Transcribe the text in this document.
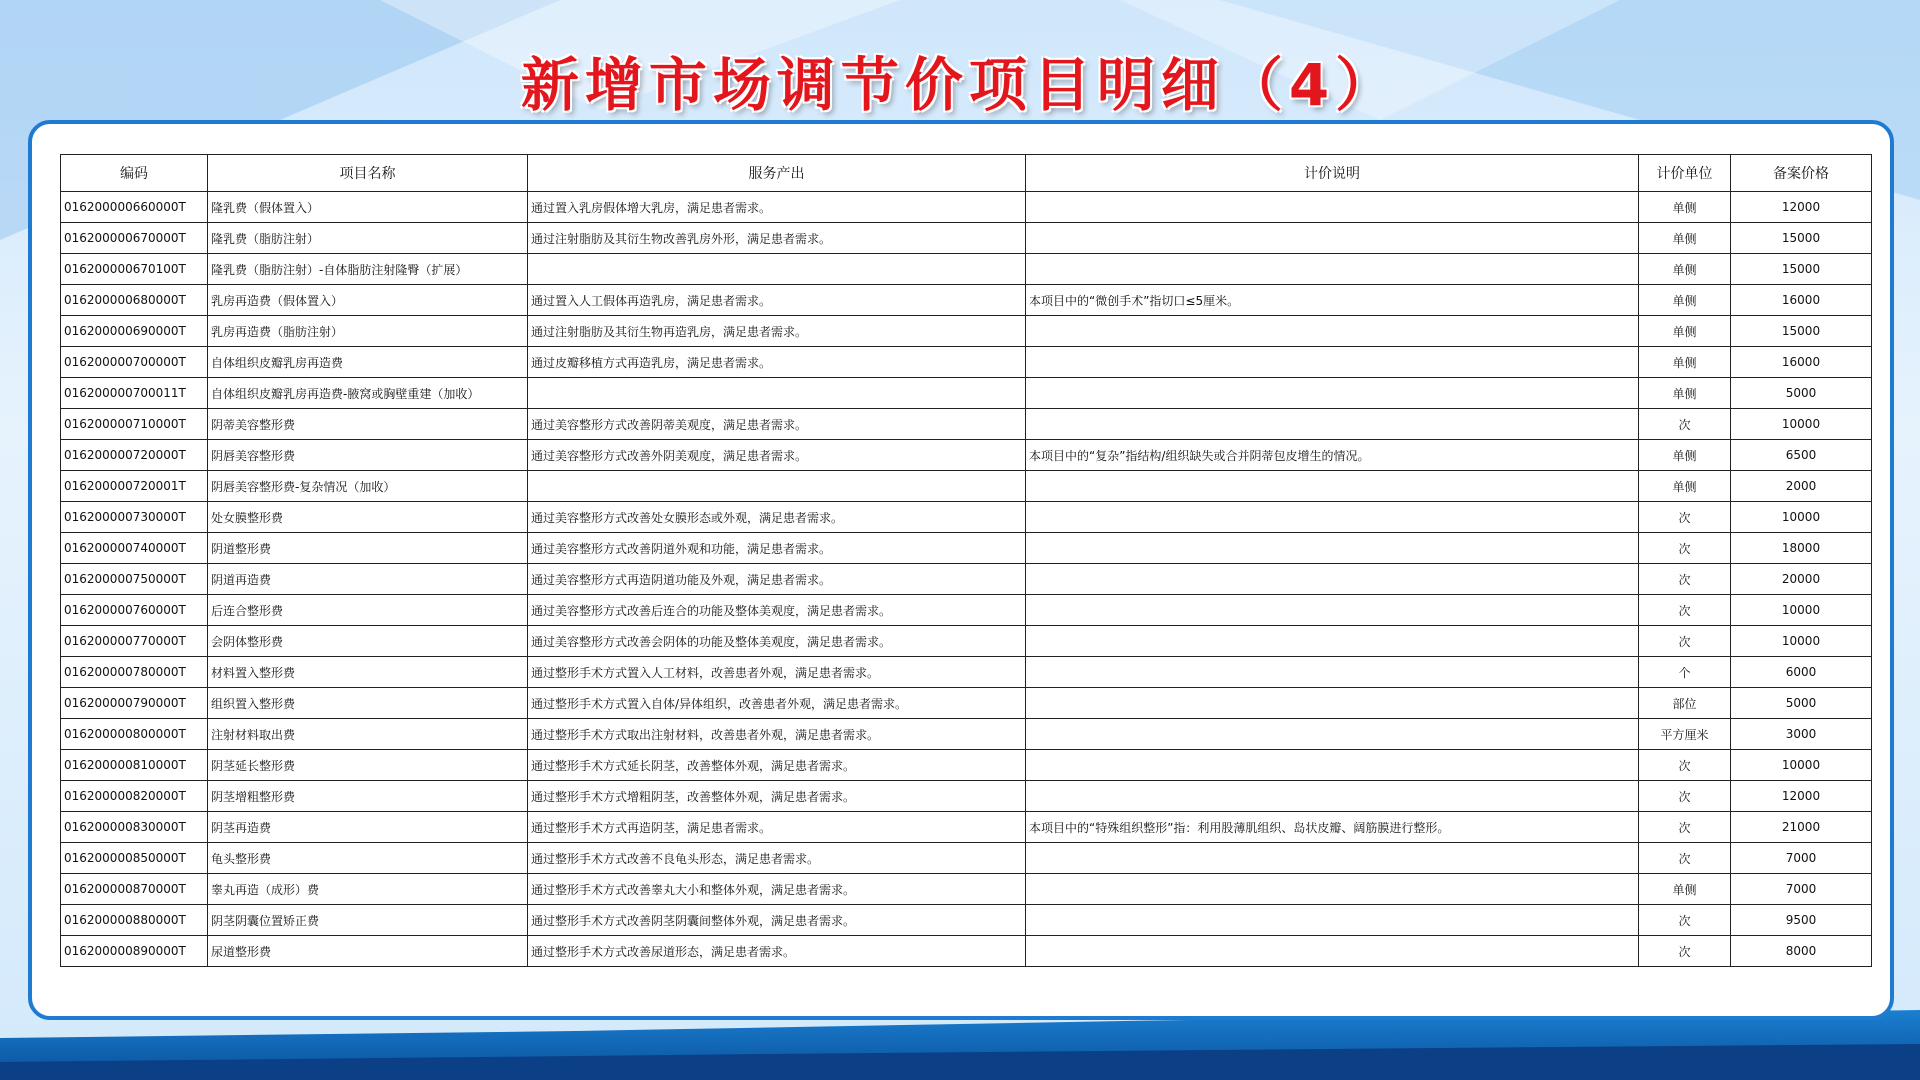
新增市场调节价项目明细（4）
编码	项目名称	服务产出	计价说明	计价单位	备案价格
016200000660000T	隆乳费（假体置入）	通过置入乳房假体增大乳房，满足患者需求。		单侧	12000
016200000670000T	隆乳费（脂肪注射）	通过注射脂肪及其衍生物改善乳房外形，满足患者需求。		单侧	15000
016200000670100T	隆乳费（脂肪注射）-自体脂肪注射隆臀（扩展）			单侧	15000
016200000680000T	乳房再造费（假体置入）	通过置入人工假体再造乳房，满足患者需求。	本项目中的“微创手术”指切口≤5厘米。	单侧	16000
016200000690000T	乳房再造费（脂肪注射）	通过注射脂肪及其衍生物再造乳房，满足患者需求。		单侧	15000
016200000700000T	自体组织皮瓣乳房再造费	通过皮瓣移植方式再造乳房，满足患者需求。		单侧	16000
016200000700011T	自体组织皮瓣乳房再造费-腋窝或胸壁重建（加收）			单侧	5000
016200000710000T	阴蒂美容整形费	通过美容整形方式改善阴蒂美观度，满足患者需求。		次	10000
016200000720000T	阴唇美容整形费	通过美容整形方式改善外阴美观度，满足患者需求。	本项目中的“复杂”指结构/组织缺失或合并阴蒂包皮增生的情况。	单侧	6500
016200000720001T	阴唇美容整形费-复杂情况（加收）			单侧	2000
016200000730000T	处女膜整形费	通过美容整形方式改善处女膜形态或外观，满足患者需求。		次	10000
016200000740000T	阴道整形费	通过美容整形方式改善阴道外观和功能，满足患者需求。		次	18000
016200000750000T	阴道再造费	通过美容整形方式再造阴道功能及外观，满足患者需求。		次	20000
016200000760000T	后连合整形费	通过美容整形方式改善后连合的功能及整体美观度，满足患者需求。		次	10000
016200000770000T	会阴体整形费	通过美容整形方式改善会阴体的功能及整体美观度，满足患者需求。		次	10000
016200000780000T	材料置入整形费	通过整形手术方式置入人工材料，改善患者外观，满足患者需求。		个	6000
016200000790000T	组织置入整形费	通过整形手术方式置入自体/异体组织，改善患者外观，满足患者需求。		部位	5000
016200000800000T	注射材料取出费	通过整形手术方式取出注射材料，改善患者外观，满足患者需求。		平方厘米	3000
016200000810000T	阴茎延长整形费	通过整形手术方式延长阴茎，改善整体外观，满足患者需求。		次	10000
016200000820000T	阴茎增粗整形费	通过整形手术方式增粗阴茎，改善整体外观，满足患者需求。		次	12000
016200000830000T	阴茎再造费	通过整形手术方式再造阴茎，满足患者需求。	本项目中的“特殊组织整形”指：利用股薄肌组织、岛状皮瓣、阔筋膜进行整形。	次	21000
016200000850000T	龟头整形费	通过整形手术方式改善不良龟头形态，满足患者需求。		次	7000
016200000870000T	睾丸再造（成形）费	通过整形手术方式改善睾丸大小和整体外观，满足患者需求。		单侧	7000
016200000880000T	阴茎阴囊位置矫正费	通过整形手术方式改善阴茎阴囊间整体外观，满足患者需求。		次	9500
016200000890000T	尿道整形费	通过整形手术方式改善尿道形态，满足患者需求。		次	8000
